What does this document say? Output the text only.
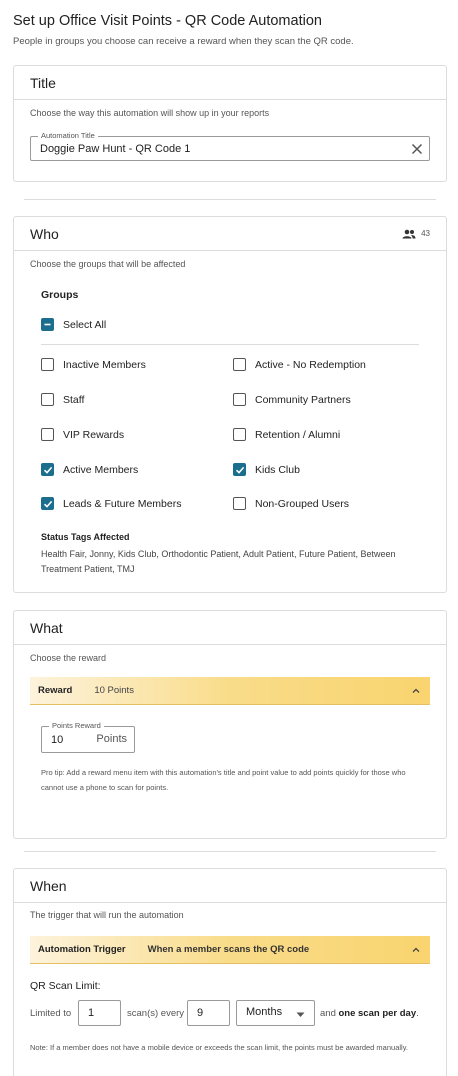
Set up Office Visit Points - QR Code Automation
People in groups you choose can receive a reward when they scan the QR code.
Title
Choose the way this automation will show up in your reports
Automation Title
Doggie Paw Hunt - QR Code 1
Who	43
Choose the groups that will be affected
Groups
Select All
Inactive Members	Active - No Redemption
Staff	Community Partners
VIP Rewards	Retention / Alumni
Active Members	Kids Club
Leads & Future Members	Non-Grouped Users
Status Tags Affected
Health Fair, Jonny, Kids Club, Orthodontic Patient, Adult Patient, Future Patient, Between Treatment Patient, TMJ
What
Choose the reward
Reward 10 Points
Points Reward
10	Points
Pro tip: Add a reward menu item with this automation's title and point value to add points quickly for those who cannot use a phone to scan for points.
When
The trigger that will run the automation
Automation Trigger When a member scans the QR code
QR Scan Limit:
Limited to 1	scan(s) every 9	Months	and one scan per day.
Note: If a member does not have a mobile device or exceeds the scan limit, the points must be awarded manually.
